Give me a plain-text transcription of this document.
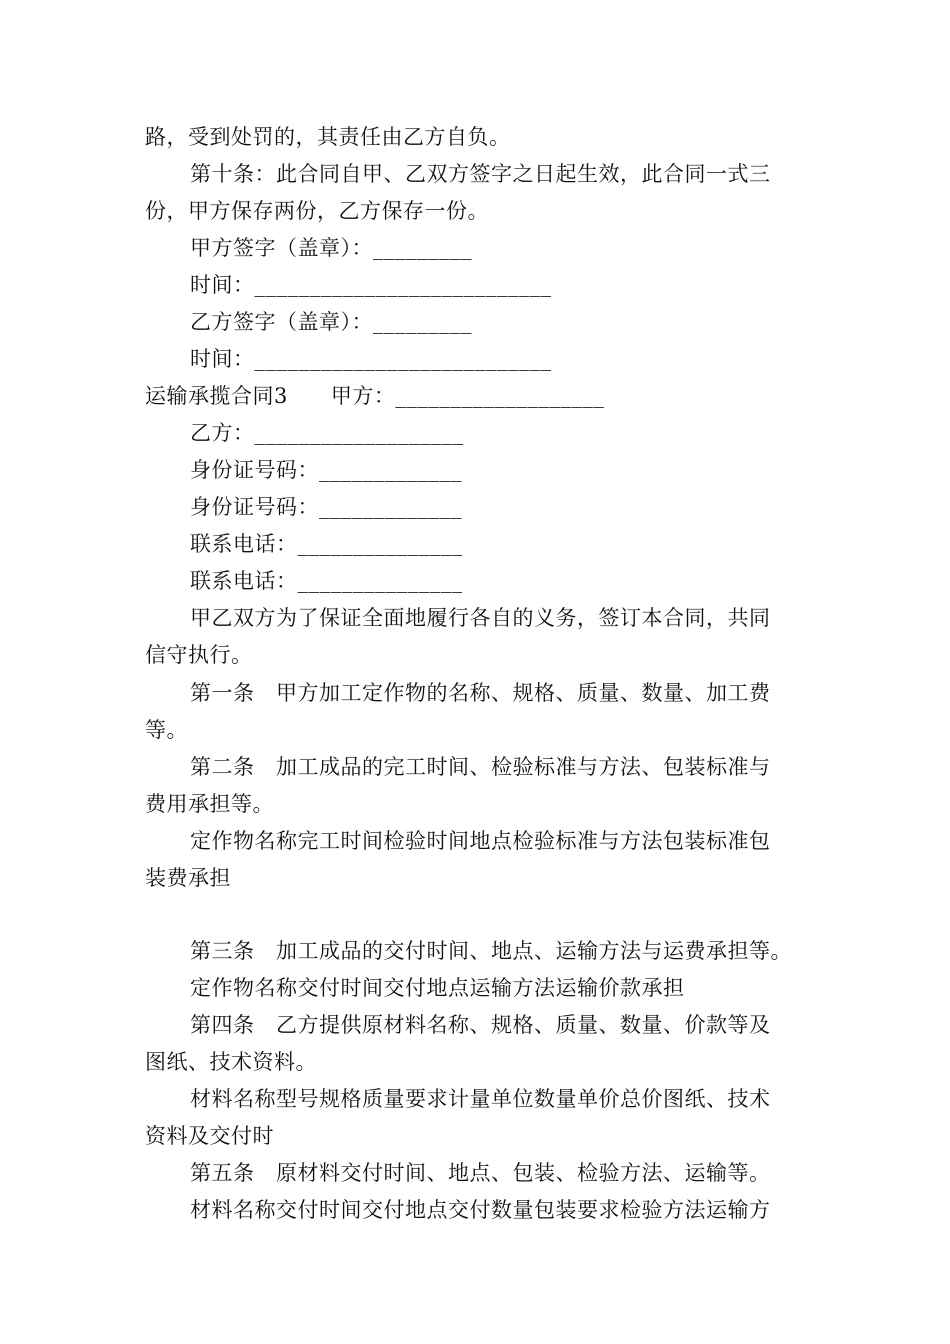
路，受到处罚的，其责任由乙方自负。
第十条：此合同自甲、乙双方签字之日起生效，此合同一式三
份，甲方保存两份，乙方保存一份。
甲方签字（盖章）：_________
时间：___________________________
乙方签字（盖章）：_________
时间：___________________________
运输承揽合同3　　甲方：___________________
乙方：___________________
身份证号码：_____________
身份证号码：_____________
联系电话：_______________
联系电话：_______________
甲乙双方为了保证全面地履行各自的义务，签订本合同，共同
信守执行。
第一条　甲方加工定作物的名称、规格、质量、数量、加工费
等。
第二条　加工成品的完工时间、检验标准与方法、包装标准与
费用承担等。
定作物名称完工时间检验时间地点检验标准与方法包装标准包
装费承担
第三条　加工成品的交付时间、地点、运输方法与运费承担等。
定作物名称交付时间交付地点运输方法运输价款承担
第四条　乙方提供原材料名称、规格、质量、数量、价款等及
图纸、技术资料。
材料名称型号规格质量要求计量单位数量单价总价图纸、技术
资料及交付时
第五条　原材料交付时间、地点、包装、检验方法、运输等。
材料名称交付时间交付地点交付数量包装要求检验方法运输方
